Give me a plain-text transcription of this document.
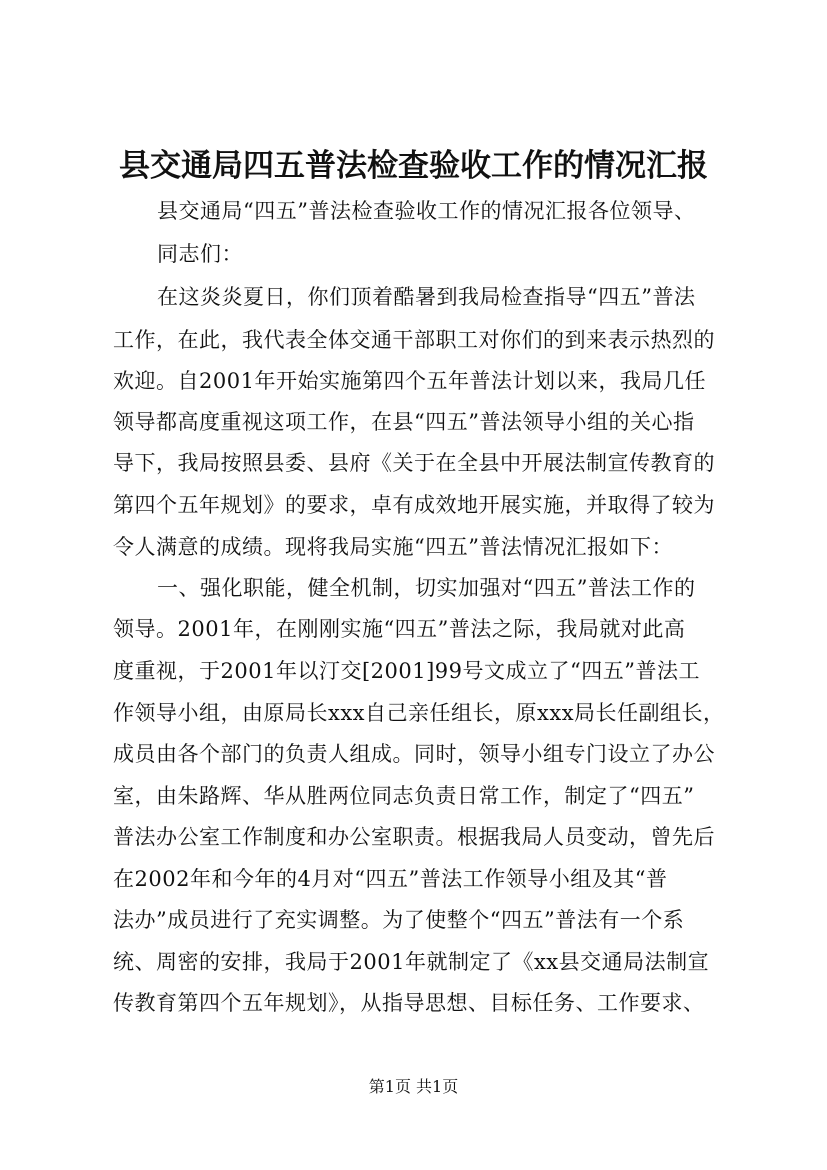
县交通局四五普法检查验收工作的情况汇报
县交通局“四五”普法检查验收工作的情况汇报各位领导、
同志们：
在这炎炎夏日，你们顶着酷暑到我局检查指导“四五”普法
工作，在此，我代表全体交通干部职工对你们的到来表示热烈的
欢迎。自2001年开始实施第四个五年普法计划以来，我局几任
领导都高度重视这项工作，在县“四五”普法领导小组的关心指
导下，我局按照县委、县府《关于在全县中开展法制宣传教育的
第四个五年规划》的要求，卓有成效地开展实施，并取得了较为
令人满意的成绩。现将我局实施“四五”普法情况汇报如下：
一、强化职能，健全机制，切实加强对“四五”普法工作的
领导。2001年，在刚刚实施“四五”普法之际，我局就对此高
度重视，于2001年以汀交[2001]99号文成立了“四五”普法工
作领导小组，由原局长xxx自己亲任组长，原xxx局长任副组长，
成员由各个部门的负责人组成。同时，领导小组专门设立了办公
室，由朱路辉、华从胜两位同志负责日常工作，制定了“四五”
普法办公室工作制度和办公室职责。根据我局人员变动，曾先后
在2002年和今年的4月对“四五”普法工作领导小组及其“普
法办”成员进行了充实调整。为了使整个“四五”普法有一个系
统、周密的安排，我局于2001年就制定了《xx县交通局法制宣
传教育第四个五年规划》，从指导思想、目标任务、工作要求、
第1页 共1页
